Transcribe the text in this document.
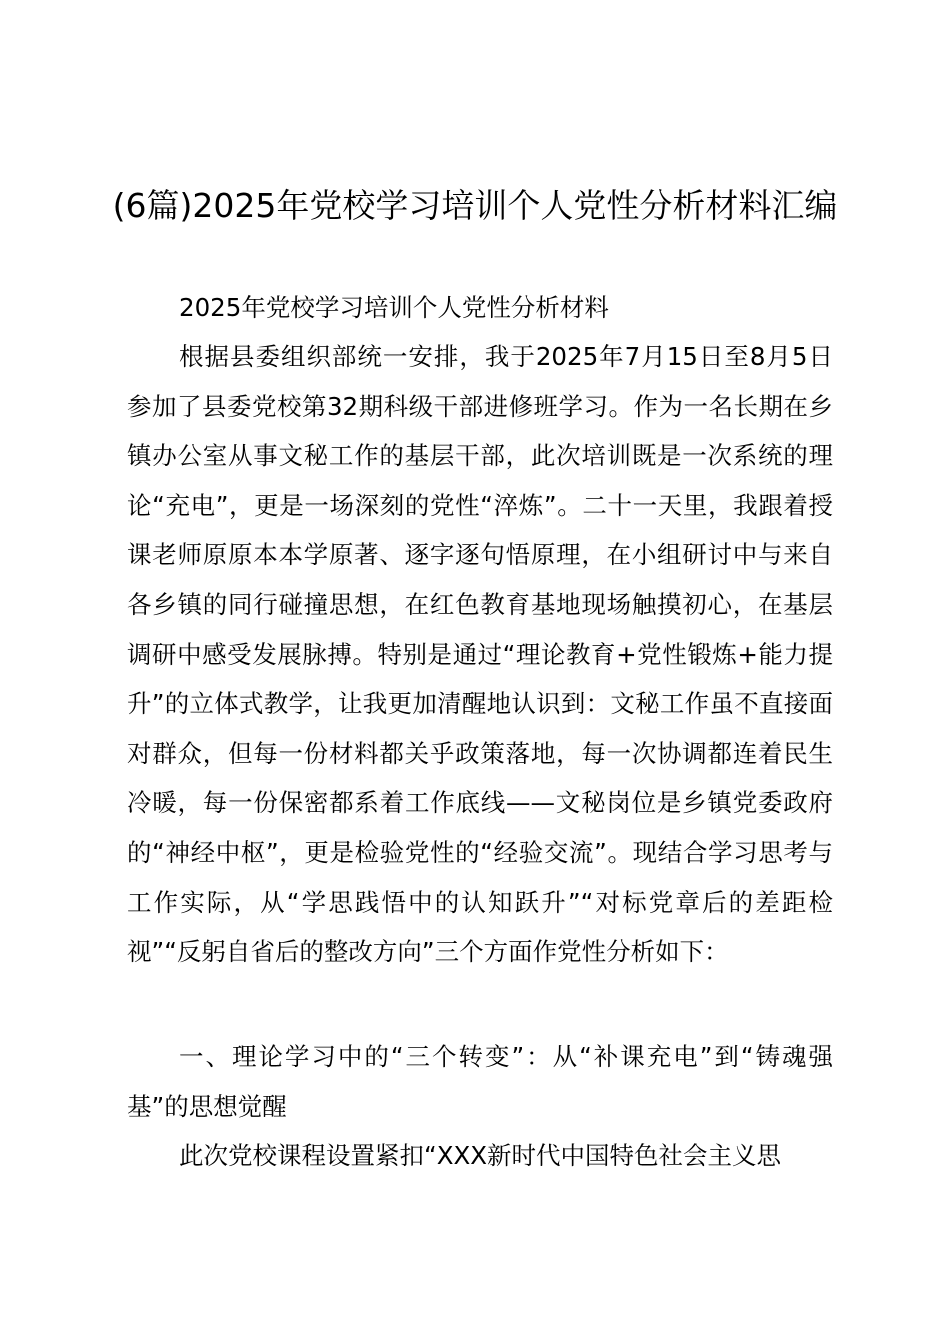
(6篇)2025年党校学习培训个人党性分析材料汇编

2025年党校学习培训个人党性分析材料

根据县委组织部统一安排，我于2025年7月15日至8月5日参加了县委党校第32期科级干部进修班学习。作为一名长期在乡镇办公室从事文秘工作的基层干部，此次培训既是一次系统的理论“充电”，更是一场深刻的党性“淬炼”。二十一天里，我跟着授课老师原原本本学原著、逐字逐句悟原理，在小组研讨中与来自各乡镇的同行碰撞思想，在红色教育基地现场触摸初心，在基层调研中感受发展脉搏。特别是通过“理论教育+党性锻炼+能力提升”的立体式教学，让我更加清醒地认识到：文秘工作虽不直接面对群众，但每一份材料都关乎政策落地，每一次协调都连着民生冷暖，每一份保密都系着工作底线——文秘岗位是乡镇党委政府的“神经中枢”，更是检验党性的“经验交流”。现结合学习思考与工作实际，从“学思践悟中的认知跃升”“对标党章后的差距检视”“反躬自省后的整改方向”三个方面作党性分析如下：

一、理论学习中的“三个转变”：从“补课充电”到“铸魂强基”的思想觉醒

此次党校课程设置紧扣“XXX新时代中国特色社会主义思
